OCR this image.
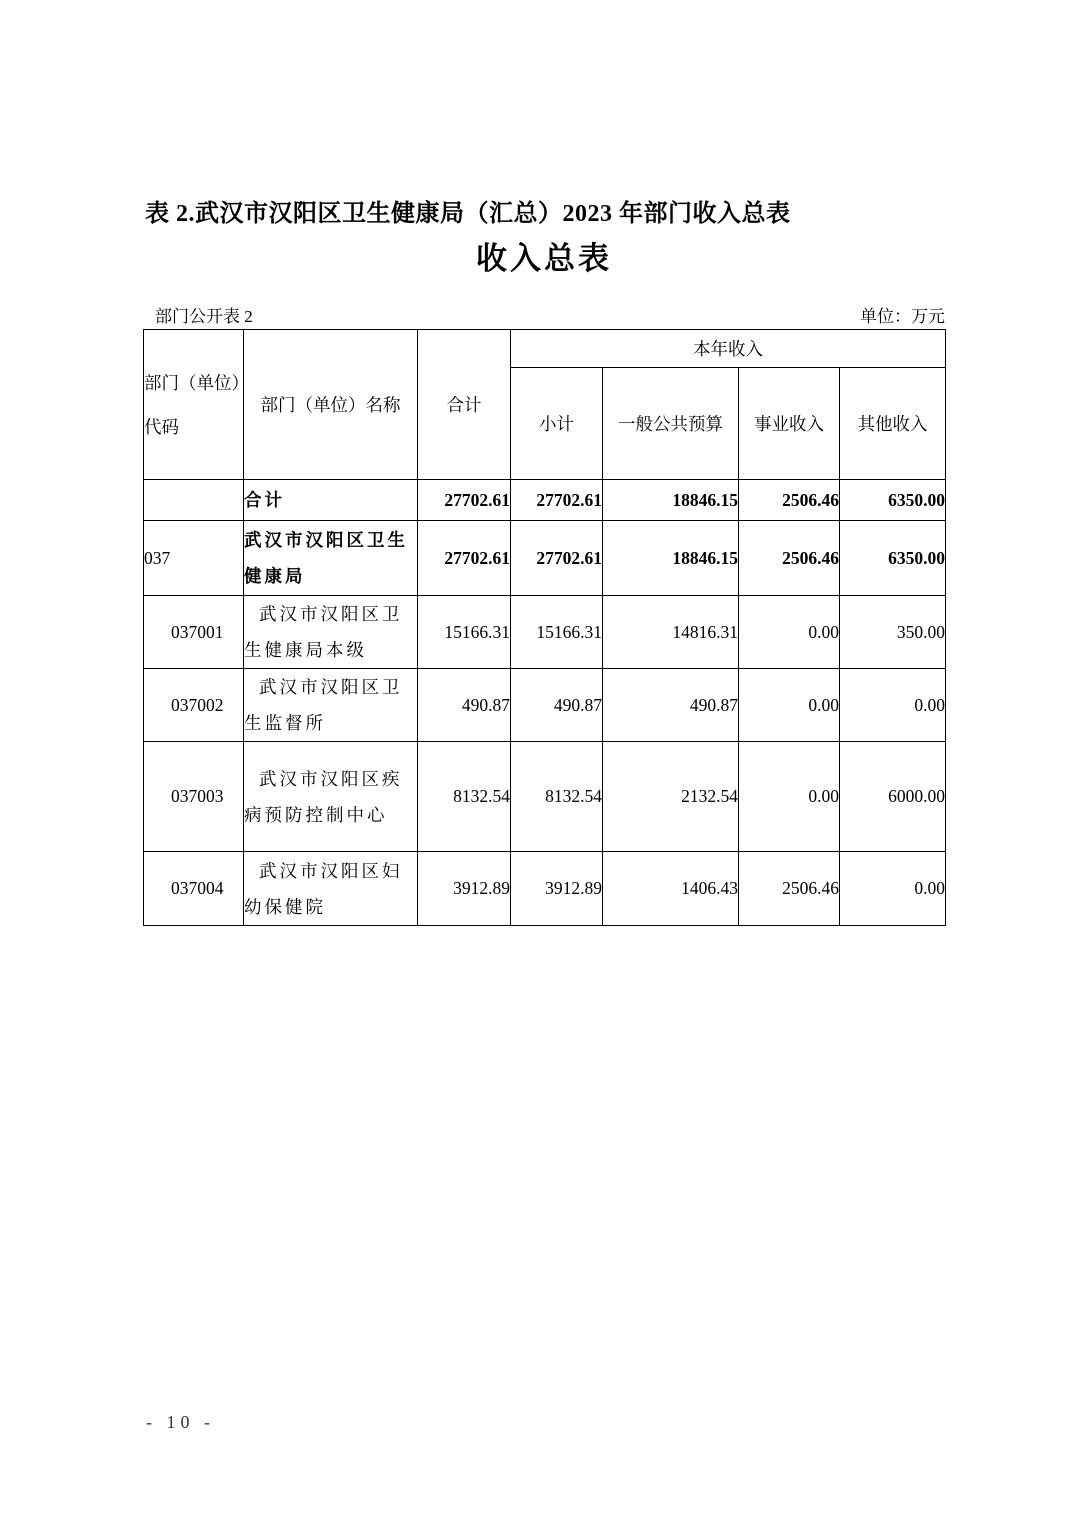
表 2.武汉市汉阳区卫生健康局（汇总）2023 年部门收入总表
收入总表
部门公开表 2	单位：万元
部门（单位）代码	部门（单位）名称	合计	本年收入			
			小计	一般公共预算	事业收入	其他收入
	合计	27702.61	27702.61	18846.15	2506.46	6350.00
037	武汉市汉阳区卫生健康局	27702.61	27702.61	18846.15	2506.46	6350.00
037001	武汉市汉阳区卫生健康局本级	15166.31	15166.31	14816.31	0.00	350.00
037002	武汉市汉阳区卫生监督所	490.87	490.87	490.87	0.00	0.00
037003	武汉市汉阳区疾病预防控制中心	8132.54	8132.54	2132.54	0.00	6000.00
037004	武汉市汉阳区妇幼保健院	3912.89	3912.89	1406.43	2506.46	0.00
- 10 -
